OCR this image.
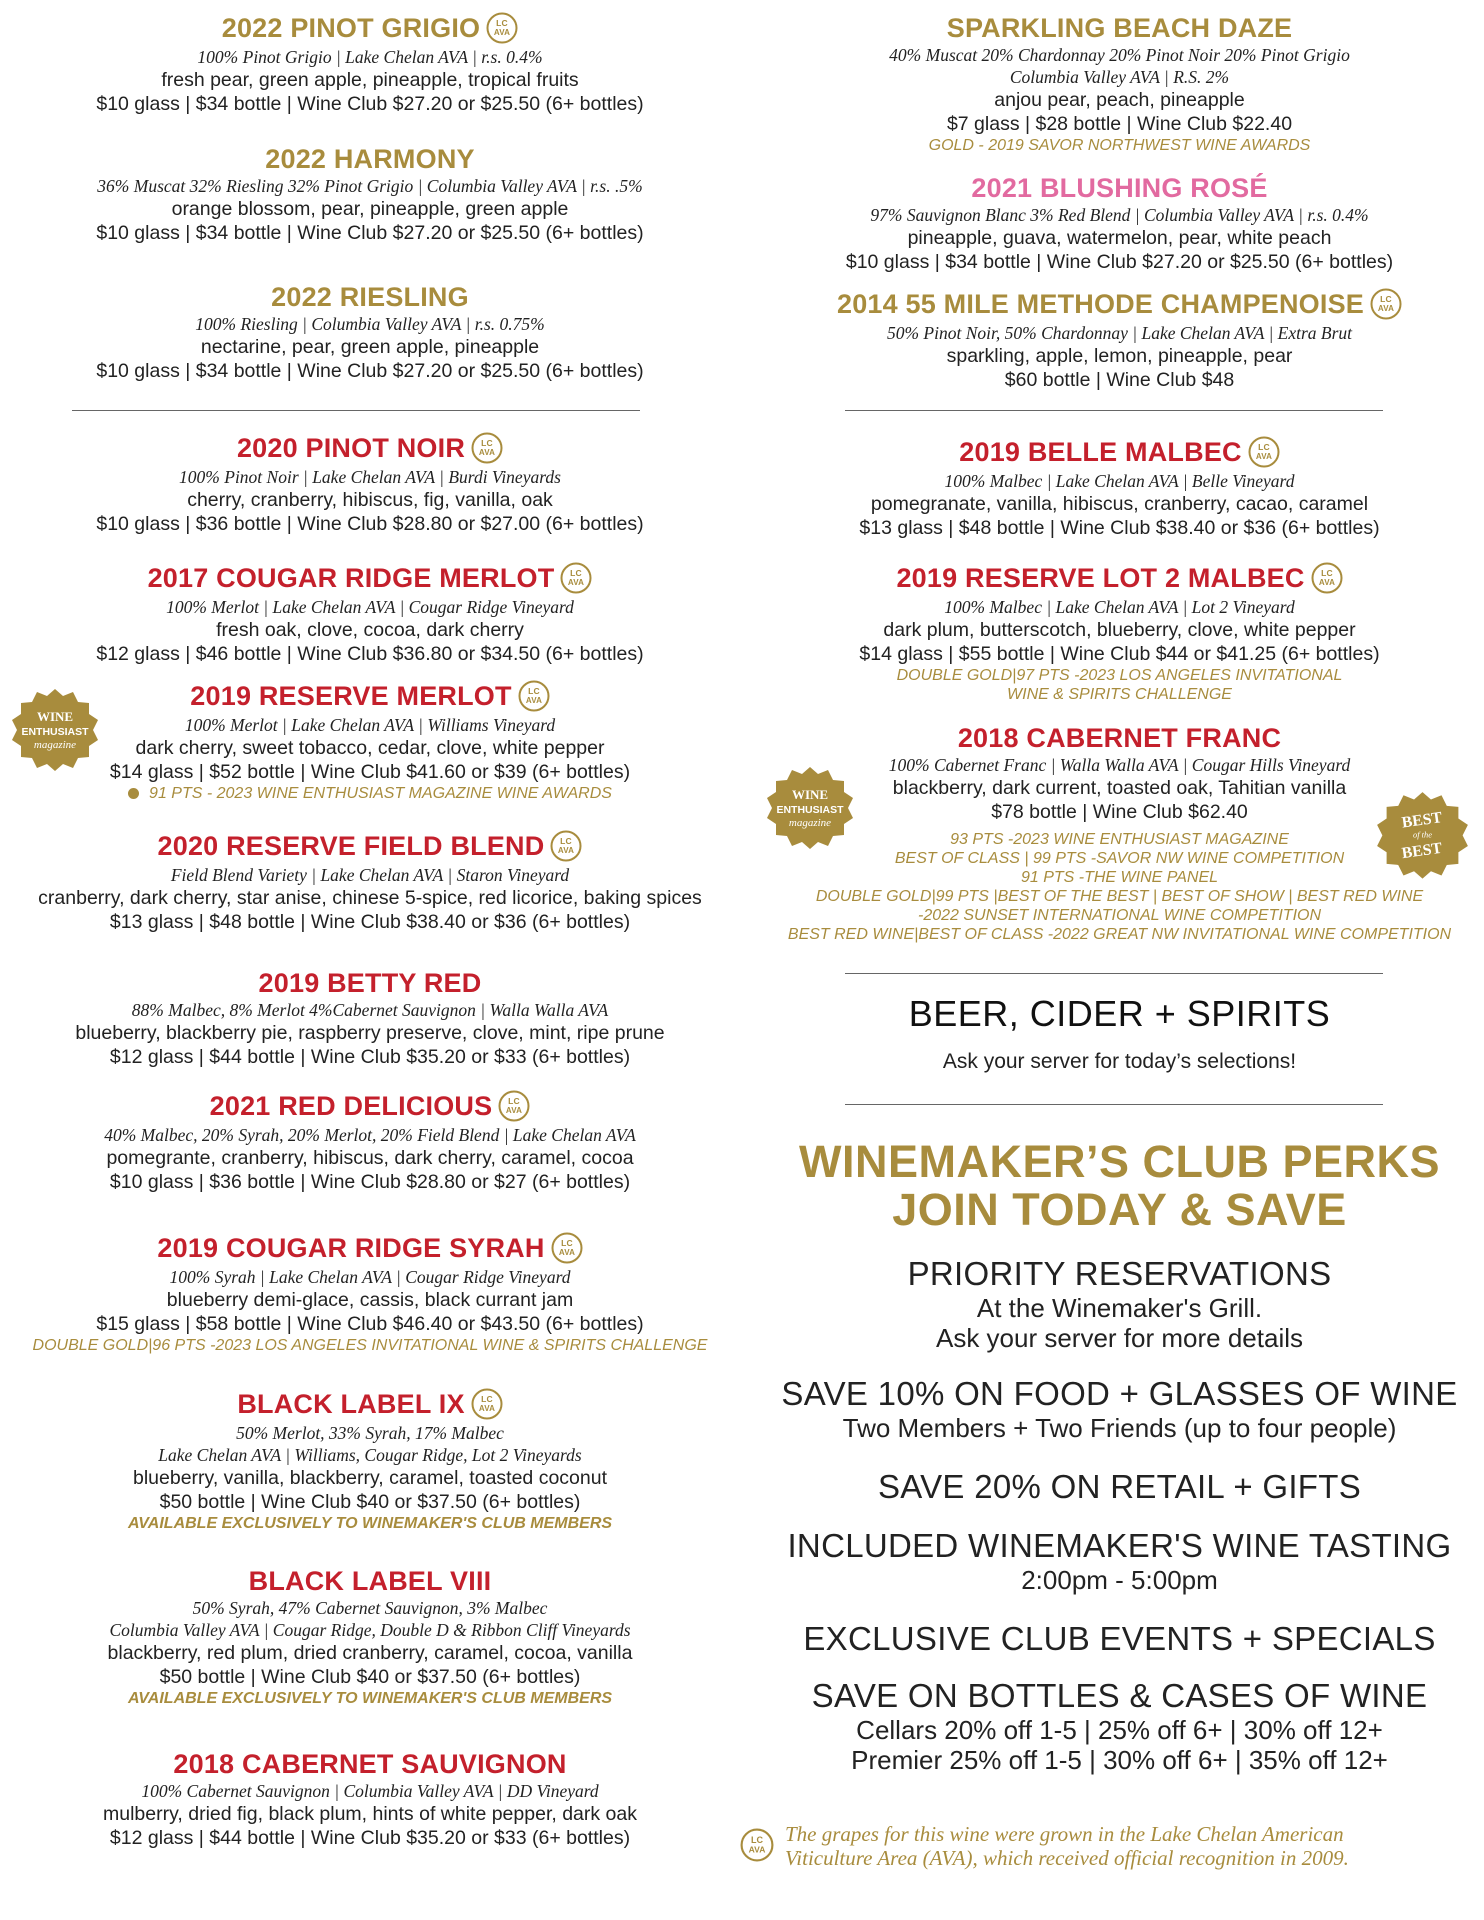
2022 PINOT GRIGIO
100% Pinot Grigio | Lake Chelan AVA | r.s. 0.4%
fresh pear, green apple, pineapple, tropical fruits
$10 glass | $34 bottle | Wine Club $27.20 or $25.50 (6+ bottles)
2022 HARMONY
36% Muscat 32% Riesling 32% Pinot Grigio | Columbia Valley AVA | r.s. .5%
orange blossom, pear, pineapple, green apple
$10 glass | $34 bottle | Wine Club $27.20 or $25.50 (6+ bottles)
2022 RIESLING
100% Riesling | Columbia Valley AVA | r.s. 0.75%
nectarine, pear, green apple, pineapple
$10 glass | $34 bottle | Wine Club $27.20 or $25.50 (6+ bottles)
2020 PINOT NOIR
100% Pinot Noir | Lake Chelan AVA | Burdi Vineyards
cherry, cranberry, hibiscus, fig, vanilla, oak
$10 glass | $36 bottle | Wine Club $28.80 or $27.00 (6+ bottles)
2017 COUGAR RIDGE MERLOT
100% Merlot | Lake Chelan AVA | Cougar Ridge Vineyard
fresh oak, clove, cocoa, dark cherry
$12 glass | $46 bottle | Wine Club $36.80 or $34.50 (6+ bottles)
2019 RESERVE MERLOT
100% Merlot | Lake Chelan AVA | Williams Vineyard
dark cherry, sweet tobacco, cedar, clove, white pepper
$14 glass | $52 bottle | Wine Club $41.60 or $39 (6+ bottles)
91 PTS - 2023 WINE ENTHUSIAST MAGAZINE WINE AWARDS
2020 RESERVE FIELD BLEND
Field Blend Variety | Lake Chelan AVA | Staron Vineyard
cranberry, dark cherry, star anise, chinese 5-spice, red licorice, baking spices
$13 glass | $48 bottle | Wine Club $38.40 or $36 (6+ bottles)
2019 BETTY RED
88% Malbec, 8% Merlot 4%Cabernet Sauvignon | Walla Walla AVA
blueberry, blackberry pie, raspberry preserve, clove, mint, ripe prune
$12 glass | $44 bottle | Wine Club $35.20 or $33 (6+ bottles)
2021 RED DELICIOUS
40% Malbec, 20% Syrah, 20% Merlot, 20% Field Blend | Lake Chelan AVA
pomegrante, cranberry, hibiscus, dark cherry, caramel, cocoa
$10 glass | $36 bottle | Wine Club $28.80 or $27 (6+ bottles)
2019 COUGAR RIDGE SYRAH
100% Syrah | Lake Chelan AVA | Cougar Ridge Vineyard
blueberry demi-glace, cassis, black currant jam
$15 glass | $58 bottle | Wine Club $46.40 or $43.50 (6+ bottles)
DOUBLE GOLD|96 PTS -2023 LOS ANGELES INVITATIONAL WINE & SPIRITS CHALLENGE
BLACK LABEL IX
50% Merlot, 33% Syrah, 17% Malbec
Lake Chelan AVA | Williams, Cougar Ridge, Lot 2 Vineyards
blueberry, vanilla, blackberry, caramel, toasted coconut
$50 bottle | Wine Club $40 or $37.50 (6+ bottles)
AVAILABLE EXCLUSIVELY TO WINEMAKER'S CLUB MEMBERS
BLACK LABEL VIII
50% Syrah, 47% Cabernet Sauvignon, 3% Malbec
Columbia Valley AVA | Cougar Ridge, Double D & Ribbon Cliff Vineyards
blackberry, red plum, dried cranberry, caramel, cocoa, vanilla
$50 bottle | Wine Club $40 or $37.50 (6+ bottles)
AVAILABLE EXCLUSIVELY TO WINEMAKER'S CLUB MEMBERS
2018 CABERNET SAUVIGNON
100% Cabernet Sauvignon | Columbia Valley AVA | DD Vineyard
mulberry, dried fig, black plum, hints of white pepper, dark oak
$12 glass | $44 bottle | Wine Club $35.20 or $33 (6+ bottles)
WINE
ENTHUSIAST
magazine
SPARKLING BEACH DAZE
40% Muscat 20% Chardonnay 20% Pinot Noir 20% Pinot Grigio
Columbia Valley AVA | R.S. 2%
anjou pear, peach, pineapple
$7 glass | $28 bottle | Wine Club $22.40
GOLD - 2019 SAVOR NORTHWEST WINE AWARDS
2021 BLUSHING ROSÉ
97% Sauvignon Blanc 3% Red Blend | Columbia Valley AVA | r.s. 0.4%
pineapple, guava, watermelon, pear, white peach
$10 glass | $34 bottle | Wine Club $27.20 or $25.50 (6+ bottles)
2014 55 MILE METHODE CHAMPENOISE
50% Pinot Noir, 50% Chardonnay | Lake Chelan AVA | Extra Brut
sparkling, apple, lemon, pineapple, pear
$60 bottle | Wine Club $48
2019 BELLE MALBEC
100% Malbec | Lake Chelan AVA | Belle Vineyard
pomegranate, vanilla, hibiscus, cranberry, cacao, caramel
$13 glass | $48 bottle | Wine Club $38.40 or $36 (6+ bottles)
2019 RESERVE LOT 2 MALBEC
100% Malbec | Lake Chelan AVA | Lot 2 Vineyard
dark plum, butterscotch, blueberry, clove, white pepper
$14 glass | $55 bottle | Wine Club $44 or $41.25 (6+ bottles)
DOUBLE GOLD|97 PTS -2023 LOS ANGELES INVITATIONAL
WINE & SPIRITS CHALLENGE
2018 CABERNET FRANC
100% Cabernet Franc | Walla Walla AVA | Cougar Hills Vineyard
blackberry, dark current, toasted oak, Tahitian vanilla
$78 bottle | Wine Club $62.40
93 PTS -2023 WINE ENTHUSIAST MAGAZINE
BEST OF CLASS | 99 PTS -SAVOR NW WINE COMPETITION
91 PTS -THE WINE PANEL
DOUBLE GOLD|99 PTS |BEST OF THE BEST | BEST OF SHOW | BEST RED WINE
-2022 SUNSET INTERNATIONAL WINE COMPETITION
BEST RED WINE|BEST OF CLASS -2022 GREAT NW INVITATIONAL WINE COMPETITION
BEER, CIDER + SPIRITS
Ask your server for today’s selections!
WINEMAKER’S CLUB PERKS
JOIN TODAY & SAVE
PRIORITY RESERVATIONS
At the Winemaker's Grill.
Ask your server for more details
SAVE 10% ON FOOD + GLASSES OF WINE
Two Members + Two Friends (up to four people)
SAVE 20% ON RETAIL + GIFTS
INCLUDED WINEMAKER'S WINE TASTING
2:00pm - 5:00pm
EXCLUSIVE CLUB EVENTS + SPECIALS
SAVE ON BOTTLES & CASES OF WINE
Cellars 20% off 1-5 | 25% off 6+ | 30% off 12+
Premier 25% off 1-5 | 30% off 6+ | 35% off 12+
WINE
ENTHUSIAST
magazine	BEST
of the
BEST
The grapes for this wine were grown in the Lake Chelan American
Viticulture Area (AVA), which received official recognition in 2009.
